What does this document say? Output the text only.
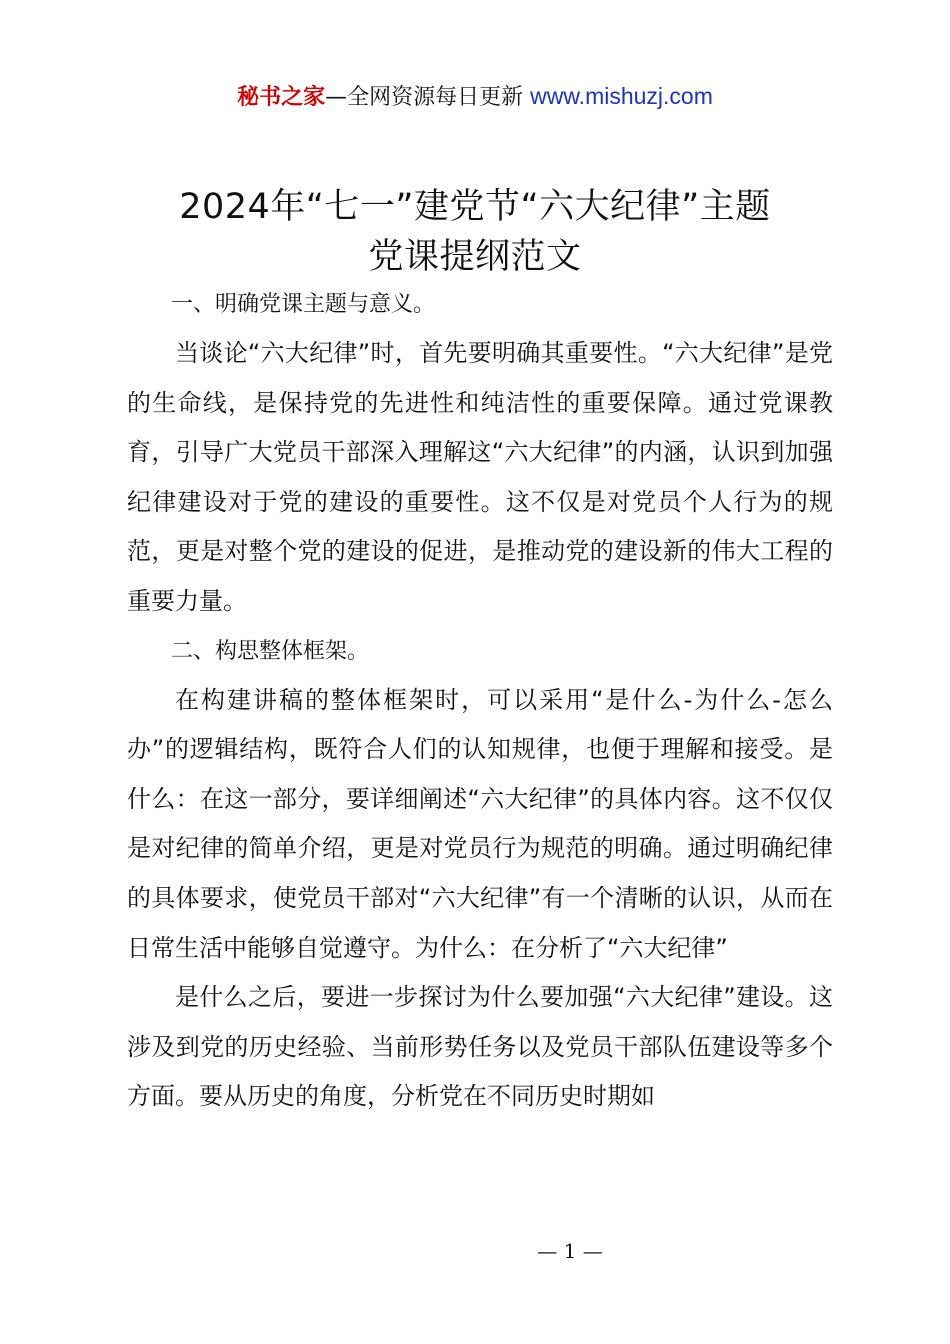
秘书之家—全网资源每日更新 www.mishuzj.com
2024年“七一”建党节“六大纪律”主题
党课提纲范文

一、明确党课主题与意义。

当谈论“六大纪律”时，首先要明确其重要性。“六大纪律”是党的生命线，是保持党的先进性和纯洁性的重要保障。通过党课教育，引导广大党员干部深入理解这“六大纪律”的内涵，认识到加强纪律建设对于党的建设的重要性。这不仅是对党员个人行为的规范，更是对整个党的建设的促进，是推动党的建设新的伟大工程的重要力量。

二、构思整体框架。

在构建讲稿的整体框架时，可以采用“是什么-为什么-怎么办”的逻辑结构，既符合人们的认知规律，也便于理解和接受。是什么：在这一部分，要详细阐述“六大纪律”的具体内容。这不仅仅是对纪律的简单介绍，更是对党员行为规范的明确。通过明确纪律的具体要求，使党员干部对“六大纪律”有一个清晰的认识，从而在日常生活中能够自觉遵守。为什么：在分析了“六大纪律”

是什么之后，要进一步探讨为什么要加强“六大纪律”建设。这涉及到党的历史经验、当前形势任务以及党员干部队伍建设等多个方面。要从历史的角度，分析党在不同历史时期如

— 1 —
